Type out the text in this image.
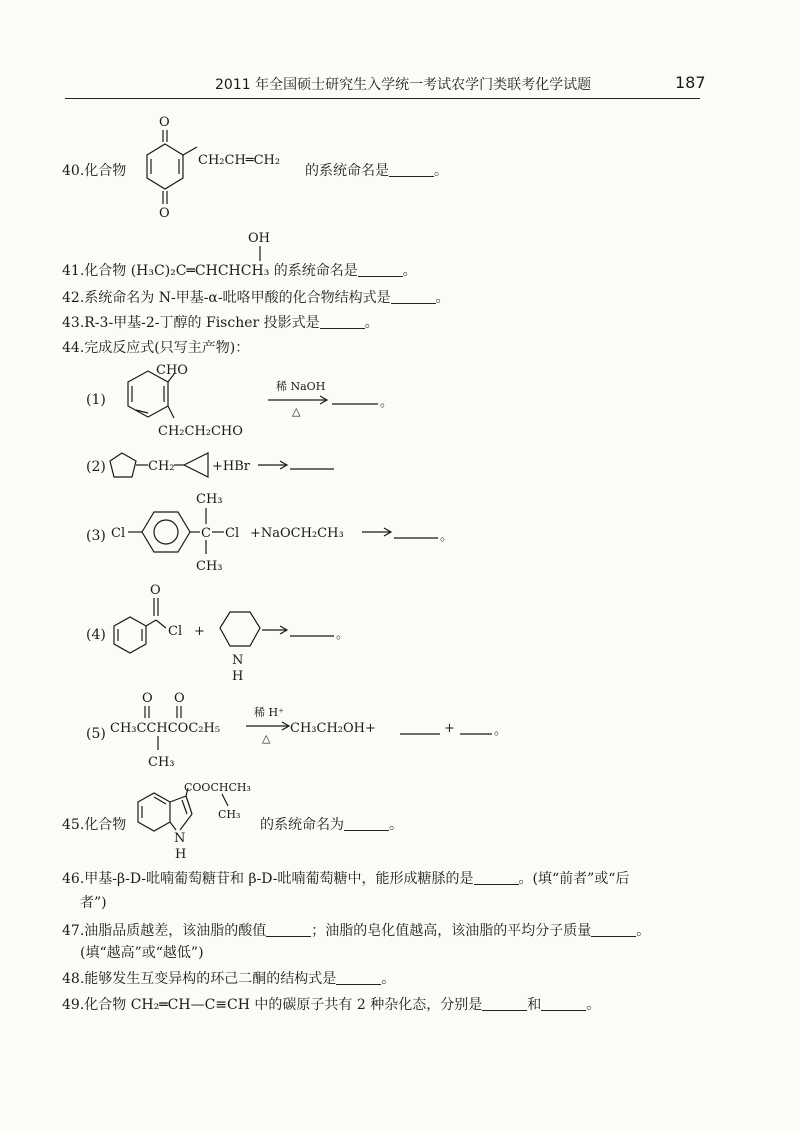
2011 年全国硕士研究生入学统一考试农学门类联考化学试题	187
40.化合物
O
O
CH₂CH═CH₂
的系统命名是	。
OH
41.化合物 (H₃C)₂C═CHCHCH₃ 的系统命名是	。
42.系统命名为 N-甲基-α-吡咯甲酸的化合物结构式是	。
43.R-3-甲基-2-丁醇的 Fischer 投影式是	。
44.完成反应式(只写主产物)：
(1)
CHO
CH₂CH₂CHO
稀 NaOH
△
。
(2)	CH₂	+HBr
(3) Cl
CH₃
C Cl
CH₃
+NaOCH₂CH₃	。
(4)
O
Cl +
N
H
。
(5)
O O
CH₃CCHCOC₂H₅
CH₃
稀 H⁺
△
CH₃CH₂OH+	+	。
45.化合物
N
H
COOCHCH₃
CH₃
的系统命名为	。
46.甲基-β-D-吡喃葡萄糖苷和 β-D-吡喃葡萄糖中，能形成糖脎的是	。(填“前者”或“后
者”)
47.油脂品质越差，该油脂的酸值	；油脂的皂化值越高，该油脂的平均分子质量	。
(填“越高”或“越低”)
48.能够发生互变异构的环己二酮的结构式是	。
49.化合物 CH₂═CH—C≡CH 中的碳原子共有 2 种杂化态，分别是	和	。
